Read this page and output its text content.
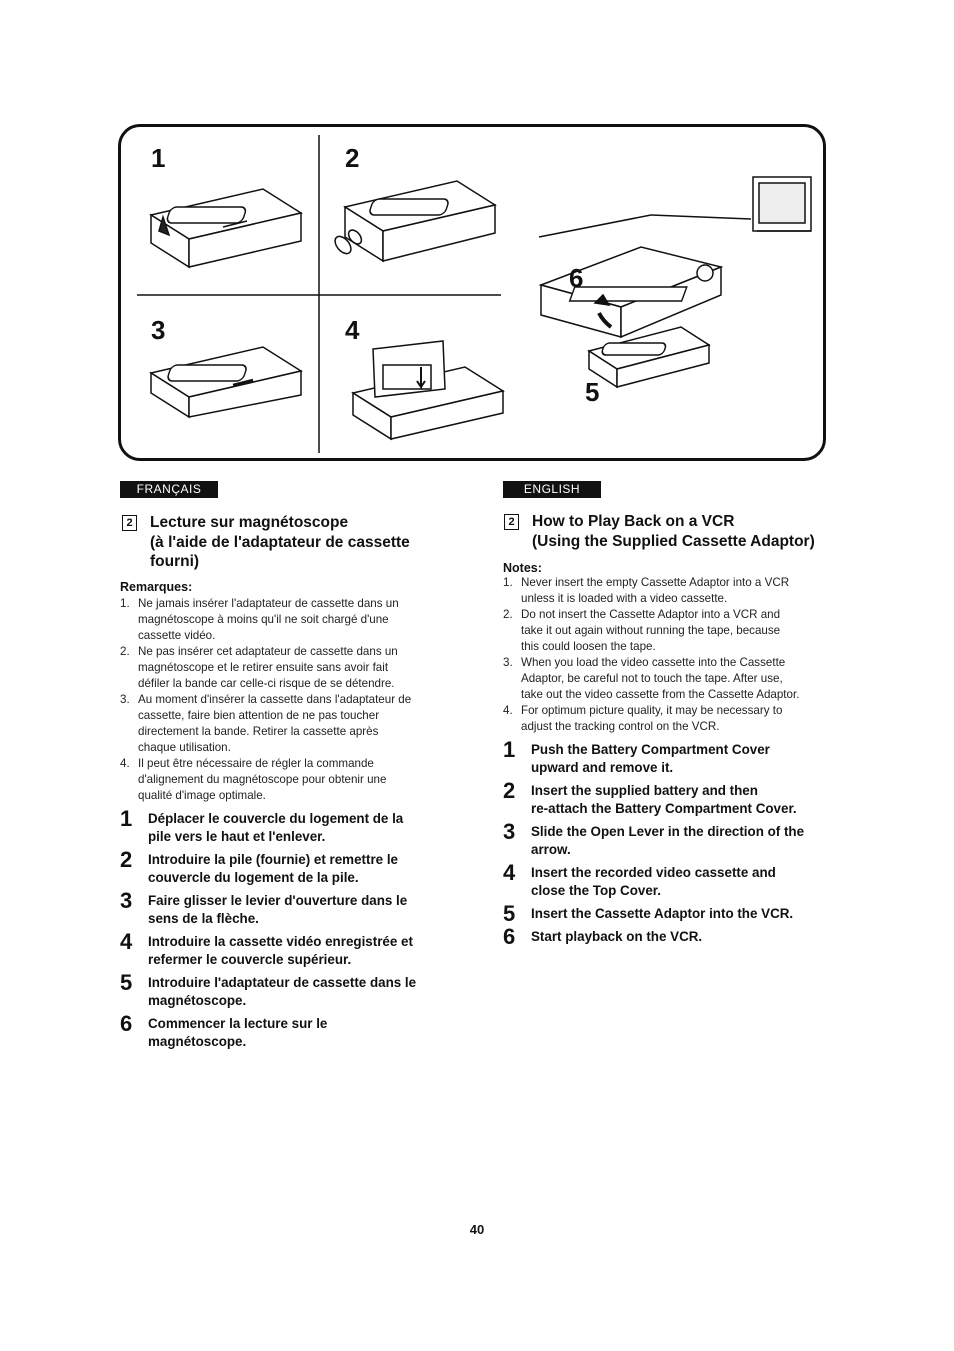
1	2
3	4
6
5
FRANÇAIS
2 Lecture sur magnétoscope
(à l'aide de l'adaptateur de cassette
fourni)
Remarques:
1. Ne jamais insérer l'adaptateur de cassette dans un
magnétoscope à moins qu'il ne soit chargé d'une
cassette vidéo.
2. Ne pas insérer cet adaptateur de cassette dans un
magnétoscope et le retirer ensuite sans avoir fait
défiler la bande car celle-ci risque de se détendre.
3. Au moment d'insérer la cassette dans l'adaptateur de
cassette, faire bien attention de ne pas toucher
directement la bande. Retirer la cassette après
chaque utilisation.
4. Il peut être nécessaire de régler la commande
d'alignement du magnétoscope pour obtenir une
qualité d'image optimale.
1 Déplacer le couvercle du logement de la
pile vers le haut et l'enlever.
2 Introduire la pile (fournie) et remettre le
couvercle du logement de la pile.
3 Faire glisser le levier d'ouverture dans le
sens de la flèche.
4 Introduire la cassette vidéo enregistrée et
refermer le couvercle supérieur.
5 Introduire l'adaptateur de cassette dans le
magnétoscope.
6 Commencer la lecture sur le
magnétoscope.
ENGLISH
2 How to Play Back on a VCR
(Using the Supplied Cassette Adaptor)
Notes:
1. Never insert the empty Cassette Adaptor into a VCR
unless it is loaded with a video cassette.
2. Do not insert the Cassette Adaptor into a VCR and
take it out again without running the tape, because
this could loosen the tape.
3. When you load the video cassette into the Cassette
Adaptor, be careful not to touch the tape. After use,
take out the video cassette from the Cassette Adaptor.
4. For optimum picture quality, it may be necessary to
adjust the tracking control on the VCR.
1 Push the Battery Compartment Cover
upward and remove it.
2 Insert the supplied battery and then
re-attach the Battery Compartment Cover.
3 Slide the Open Lever in the direction of the
arrow.
4 Insert the recorded video cassette and
close the Top Cover.
5 Insert the Cassette Adaptor into the VCR.
6 Start playback on the VCR.
40
